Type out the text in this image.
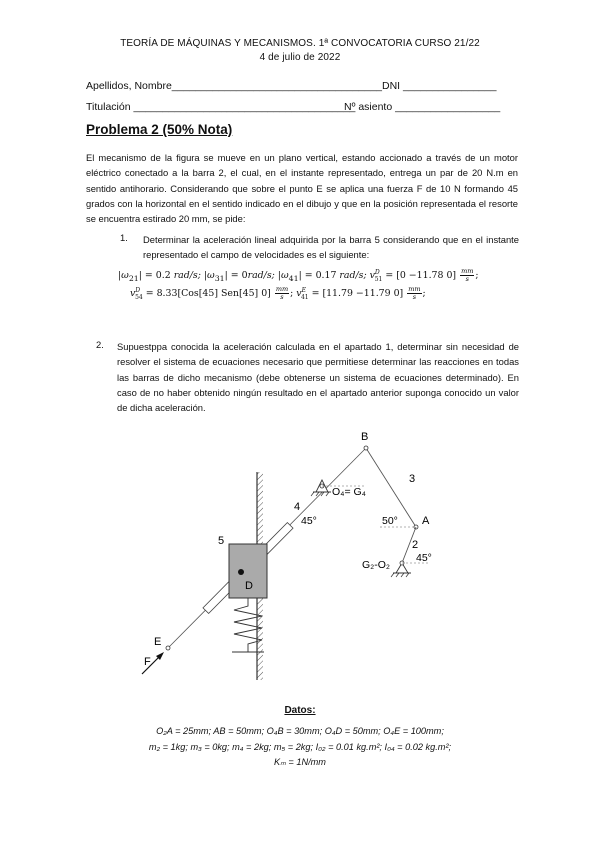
TEORÍA DE MÁQUINAS Y MECANISMOS. 1ª CONVOCATORIA CURSO 21/22
4 de julio de 2022
Apellidos, Nombre____________________________________ DNI ________________
Titulación ______________________________________
Nº asiento __________________
Problema 2 (50% Nota)
El mecanismo de la figura se mueve en un plano vertical, estando accionado a través de un motor eléctrico conectado a la barra 2, el cual, en el instante representado, entrega un par de 20 N.m en sentido antihorario. Considerando que sobre el punto E se aplica una fuerza F de 10 N formando 45 grados con la horizontal en el sentido indicado en el dibujo y que en la posición representada el resorte se encuentra estirado 20 mm, se pide:
1. Determinar la aceleración lineal adquirida por la barra 5 considerando que en el instante representado el campo de velocidades es el siguiente:
$|\omega_{21}| = 0.2$ rad/s; $|\omega_{31}| = 0rad/s$; $|\omega_{41}| = 0.17$ rad/s; $v^D_{51} = [0 -11.78$ $0] \frac{mm}{s}$ ;
$v^D_{54} = 8.33[Cos[45]$ Sen[45] $0] \frac{mm}{s}$ ; $v^E_{41} = [11.79 -11.79$ $0] \frac{mm}{s}$ ;
2. Supuestppa conocida la aceleración calculada en el apartado 1, determinar sin necesidad de resolver el sistema de ecuaciones necesario que permitiese determinar las reacciones en todas las barras de dicho mecanismo (debe obtenerse un sistema de ecuaciones determinado). En caso de no haber obtenido ningún resultado en el apartado anterior suponga conocido un valor de dicha aceleración.
B
3
4
O₄= G₄
45°	50° A
2
5
G₂-O₂
45°
D
E
F
Datos:
O₂A = 25mm; AB = 50mm; O₄B = 30mm; O₄D = 50mm; O₄E = 100mm;
m₂ = 1kg; m₃ = 0kg; m₄ = 2kg; m₅ = 2kg; I₀₂ = 0.01 kg.m²; I₀₄ = 0.02 kg.m²;
Kₘ = 1N/mm
